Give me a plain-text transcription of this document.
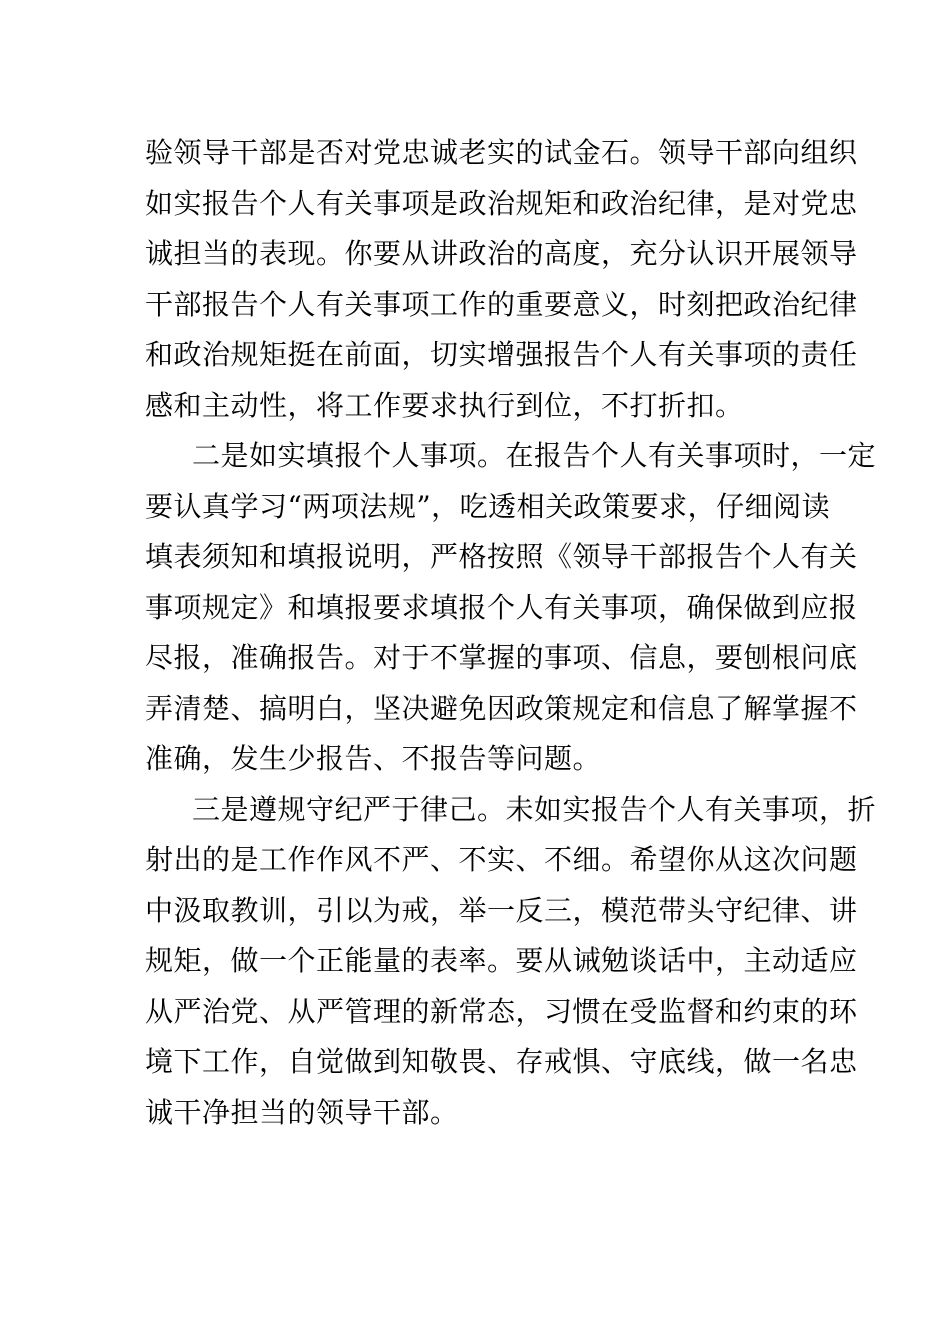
验领导干部是否对党忠诚老实的试金石。领导干部向组织
如实报告个人有关事项是政治规矩和政治纪律，是对党忠
诚担当的表现。你要从讲政治的高度，充分认识开展领导
干部报告个人有关事项工作的重要意义，时刻把政治纪律
和政治规矩挺在前面，切实增强报告个人有关事项的责任
感和主动性，将工作要求执行到位，不打折扣。
二是如实填报个人事项。在报告个人有关事项时，一定
要认真学习“两项法规”，吃透相关政策要求，仔细阅读
填表须知和填报说明，严格按照《领导干部报告个人有关
事项规定》和填报要求填报个人有关事项，确保做到应报
尽报，准确报告。对于不掌握的事项、信息，要刨根问底
弄清楚、搞明白，坚决避免因政策规定和信息了解掌握不
准确，发生少报告、不报告等问题。
三是遵规守纪严于律己。未如实报告个人有关事项，折
射出的是工作作风不严、不实、不细。希望你从这次问题
中汲取教训，引以为戒，举一反三，模范带头守纪律、讲
规矩，做一个正能量的表率。要从诫勉谈话中，主动适应
从严治党、从严管理的新常态，习惯在受监督和约束的环
境下工作，自觉做到知敬畏、存戒惧、守底线，做一名忠
诚干净担当的领导干部。
